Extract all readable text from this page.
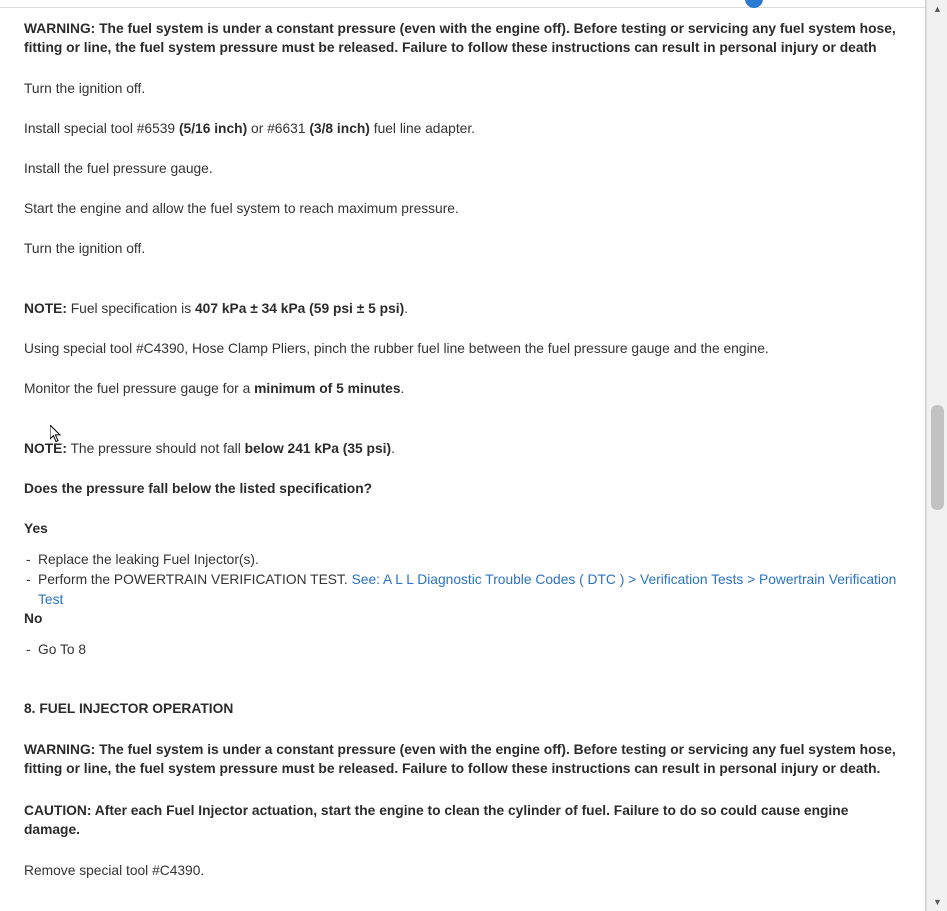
WARNING: The fuel system is under a constant pressure (even with the engine off). Before testing or servicing any fuel system hose, fitting or line, the fuel system pressure must be released. Failure to follow these instructions can result in personal injury or death

Turn the ignition off.

Install special tool #6539 (5/16 inch) or #6631 (3/8 inch) fuel line adapter.

Install the fuel pressure gauge.

Start the engine and allow the fuel system to reach maximum pressure.

Turn the ignition off.

NOTE: Fuel specification is 407 kPa ± 34 kPa (59 psi ± 5 psi).

Using special tool #C4390, Hose Clamp Pliers, pinch the rubber fuel line between the fuel pressure gauge and the engine.

Monitor the fuel pressure gauge for a minimum of 5 minutes.

NOTE: The pressure should not fall below 241 kPa (35 psi).

Does the pressure fall below the listed specification?

Yes

- Replace the leaking Fuel Injector(s).
- Perform the POWERTRAIN VERIFICATION TEST. See: A L L Diagnostic Trouble Codes ( DTC ) > Verification Tests > Powertrain Verification Test

No

- Go To 8

8. FUEL INJECTOR OPERATION

WARNING: The fuel system is under a constant pressure (even with the engine off). Before testing or servicing any fuel system hose, fitting or line, the fuel system pressure must be released. Failure to follow these instructions can result in personal injury or death.

CAUTION: After each Fuel Injector actuation, start the engine to clean the cylinder of fuel. Failure to do so could cause engine damage.

Remove special tool #C4390.

▲
▼
